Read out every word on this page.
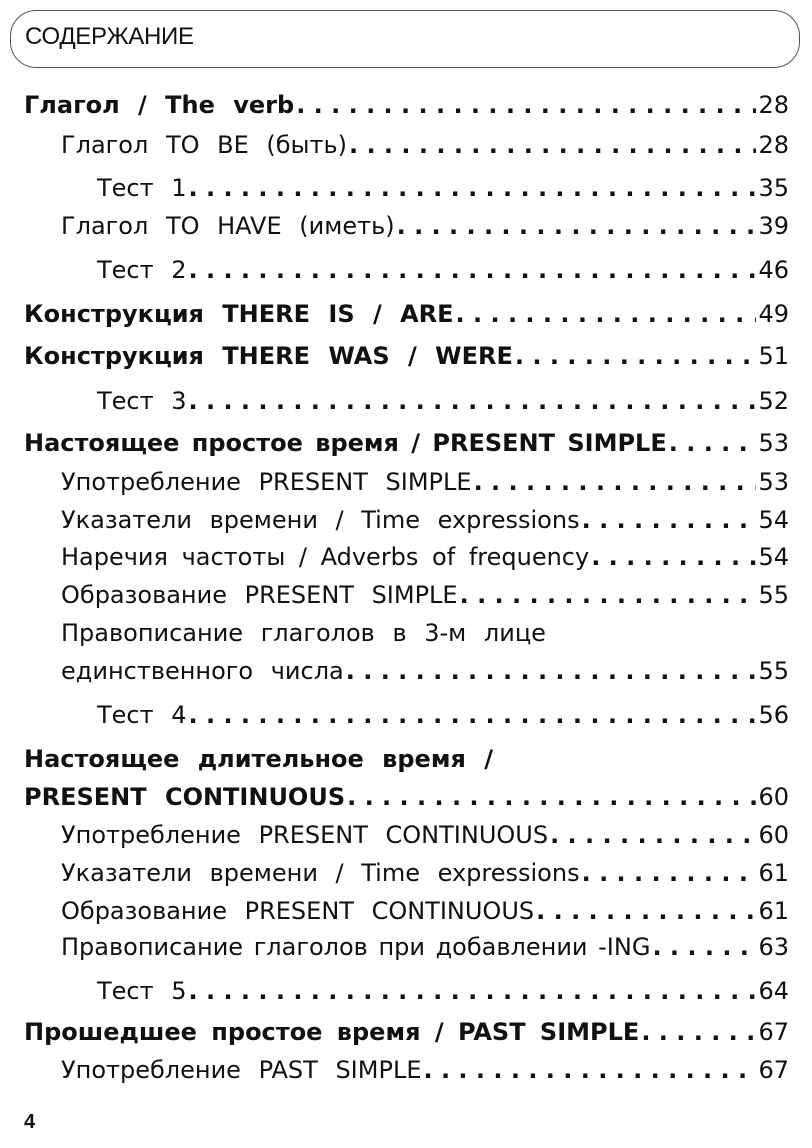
СОДЕРЖАНИЕ
Глагол / The verb . . .	28
Глагол TO BE (быть) . . .	28
Тест 1 . . .	35
Глагол TO HAVE (иметь) . . .	39
Тест 2 . . .	46
Конструкция THERE IS / ARE . . .	49
Конструкция THERE WAS / WERE . . .	51
Тест 3 . . .	52
Настоящее простое время / PRESENT SIMPLE . . .	53
Употребление PRESENT SIMPLE . . .	53
Указатели времени / Time expressions . . .	54
Наречия частоты / Adverbs of frequency . . .	54
Образование PRESENT SIMPLE . . .	55
Правописание глаголов в 3-м лице
единственного числа . . .	55
Тест 4 . . .	56
Настоящее длительное время /
PRESENT CONTINUOUS . . .	60
Употребление PRESENT CONTINUOUS . . .	60
Указатели времени / Time expressions . . .	61
Образование PRESENT CONTINUOUS . . .	61
Правописание глаголов при добавлении -ING . . .	63
Тест 5 . . .	64
Прошедшее простое время / PAST SIMPLE . . .	67
Употребление PAST SIMPLE . . .	67
4
